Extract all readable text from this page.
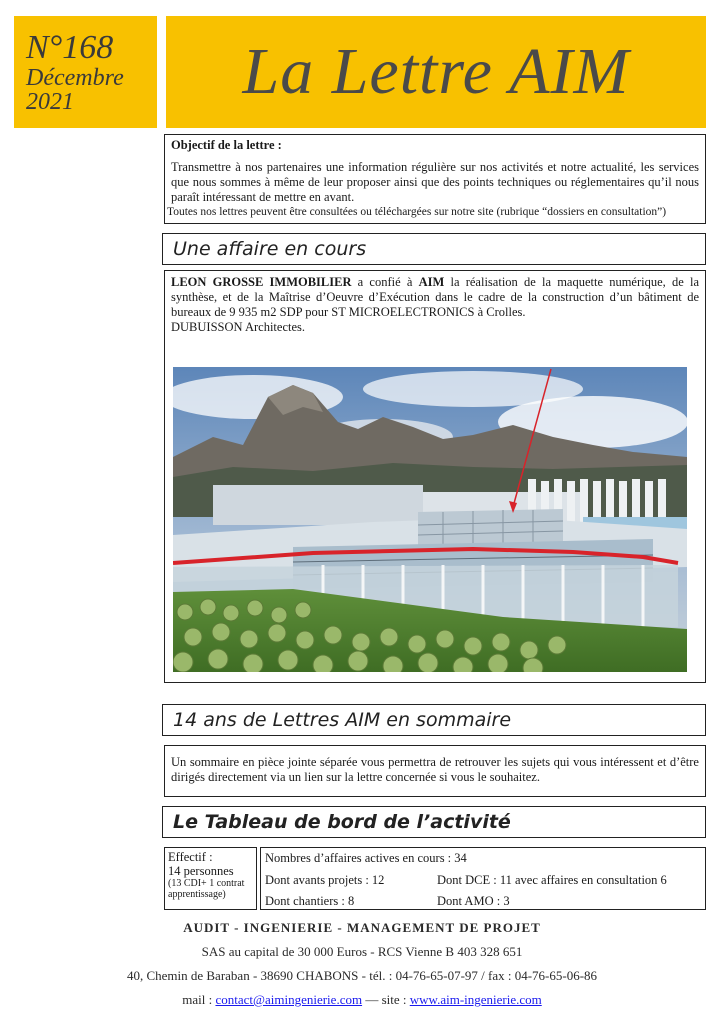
N°168
Décembre
2021	La Lettre AIM
Objectif de la lettre :
Transmettre à nos partenaires une information régulière sur nos activités et notre actualité, les services que nous sommes à même de leur proposer ainsi que des points techniques ou réglementaires qu’il nous paraît intéressant de mettre en avant.
Toutes nos lettres peuvent être consultées ou téléchargées sur notre site (rubrique “dossiers en consultation”)
Une affaire en cours
LEON GROSSE IMMOBILIER a confié à AIM la réalisation de la maquette numérique, de la synthèse, et de la Maîtrise d’Oeuvre d’Exécution dans le cadre de la construction d’un bâtiment de bureaux de 9 935 m2 SDP pour ST MICROELECTRONICS à Crolles.
DUBUISSON Architectes.
14 ans de Lettres AIM en sommaire
Un sommaire en pièce jointe séparée vous permettra de retrouver les sujets qui vous intéressent et d’être dirigés directement via un lien sur la lettre concernée si vous le souhaitez.
Le Tableau de bord de l’activité
Effectif :
14 personnes
(13 CDI+ 1 contrat apprentissage)
Nombres d’affaires actives en cours : 34
Dont avants projets : 12	Dont DCE : 11 avec affaires en consultation 6
Dont chantiers : 8	Dont AMO : 3
AUDIT - INGENIERIE - MANAGEMENT DE PROJET
SAS au capital de 30 000 Euros - RCS Vienne B 403 328 651
40, Chemin de Baraban - 38690 CHABONS - tél. : 04-76-65-07-97 / fax : 04-76-65-06-86
mail : contact@aimingenierie.com — site : www.aim-ingenierie.com
